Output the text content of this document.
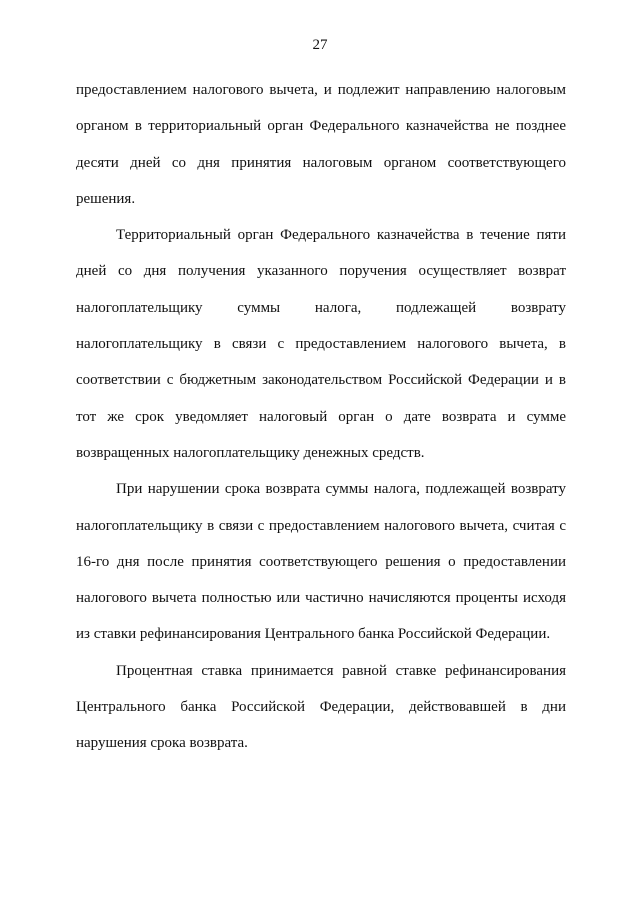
27

предоставлением налогового вычета, и подлежит направлению налоговым органом в территориальный орган Федерального казначейства не позднее десяти дней со дня принятия налоговым органом соответствующего решения.

Территориальный орган Федерального казначейства в течение пяти дней со дня получения указанного поручения осуществляет возврат налогоплательщику суммы налога, подлежащей возврату налогоплательщику в связи с предоставлением налогового вычета, в соответствии с бюджетным законодательством Российской Федерации и в тот же срок уведомляет налоговый орган о дате возврата и сумме возвращенных налогоплательщику денежных средств.

При нарушении срока возврата суммы налога, подлежащей возврату налогоплательщику в связи с предоставлением налогового вычета, считая с 16-го дня после принятия соответствующего решения о предоставлении налогового вычета полностью или частично начисляются проценты исходя из ставки рефинансирования Центрального банка Российской Федерации.

Процентная ставка принимается равной ставке рефинансирования Центрального банка Российской Федерации, действовавшей в дни нарушения срока возврата.
